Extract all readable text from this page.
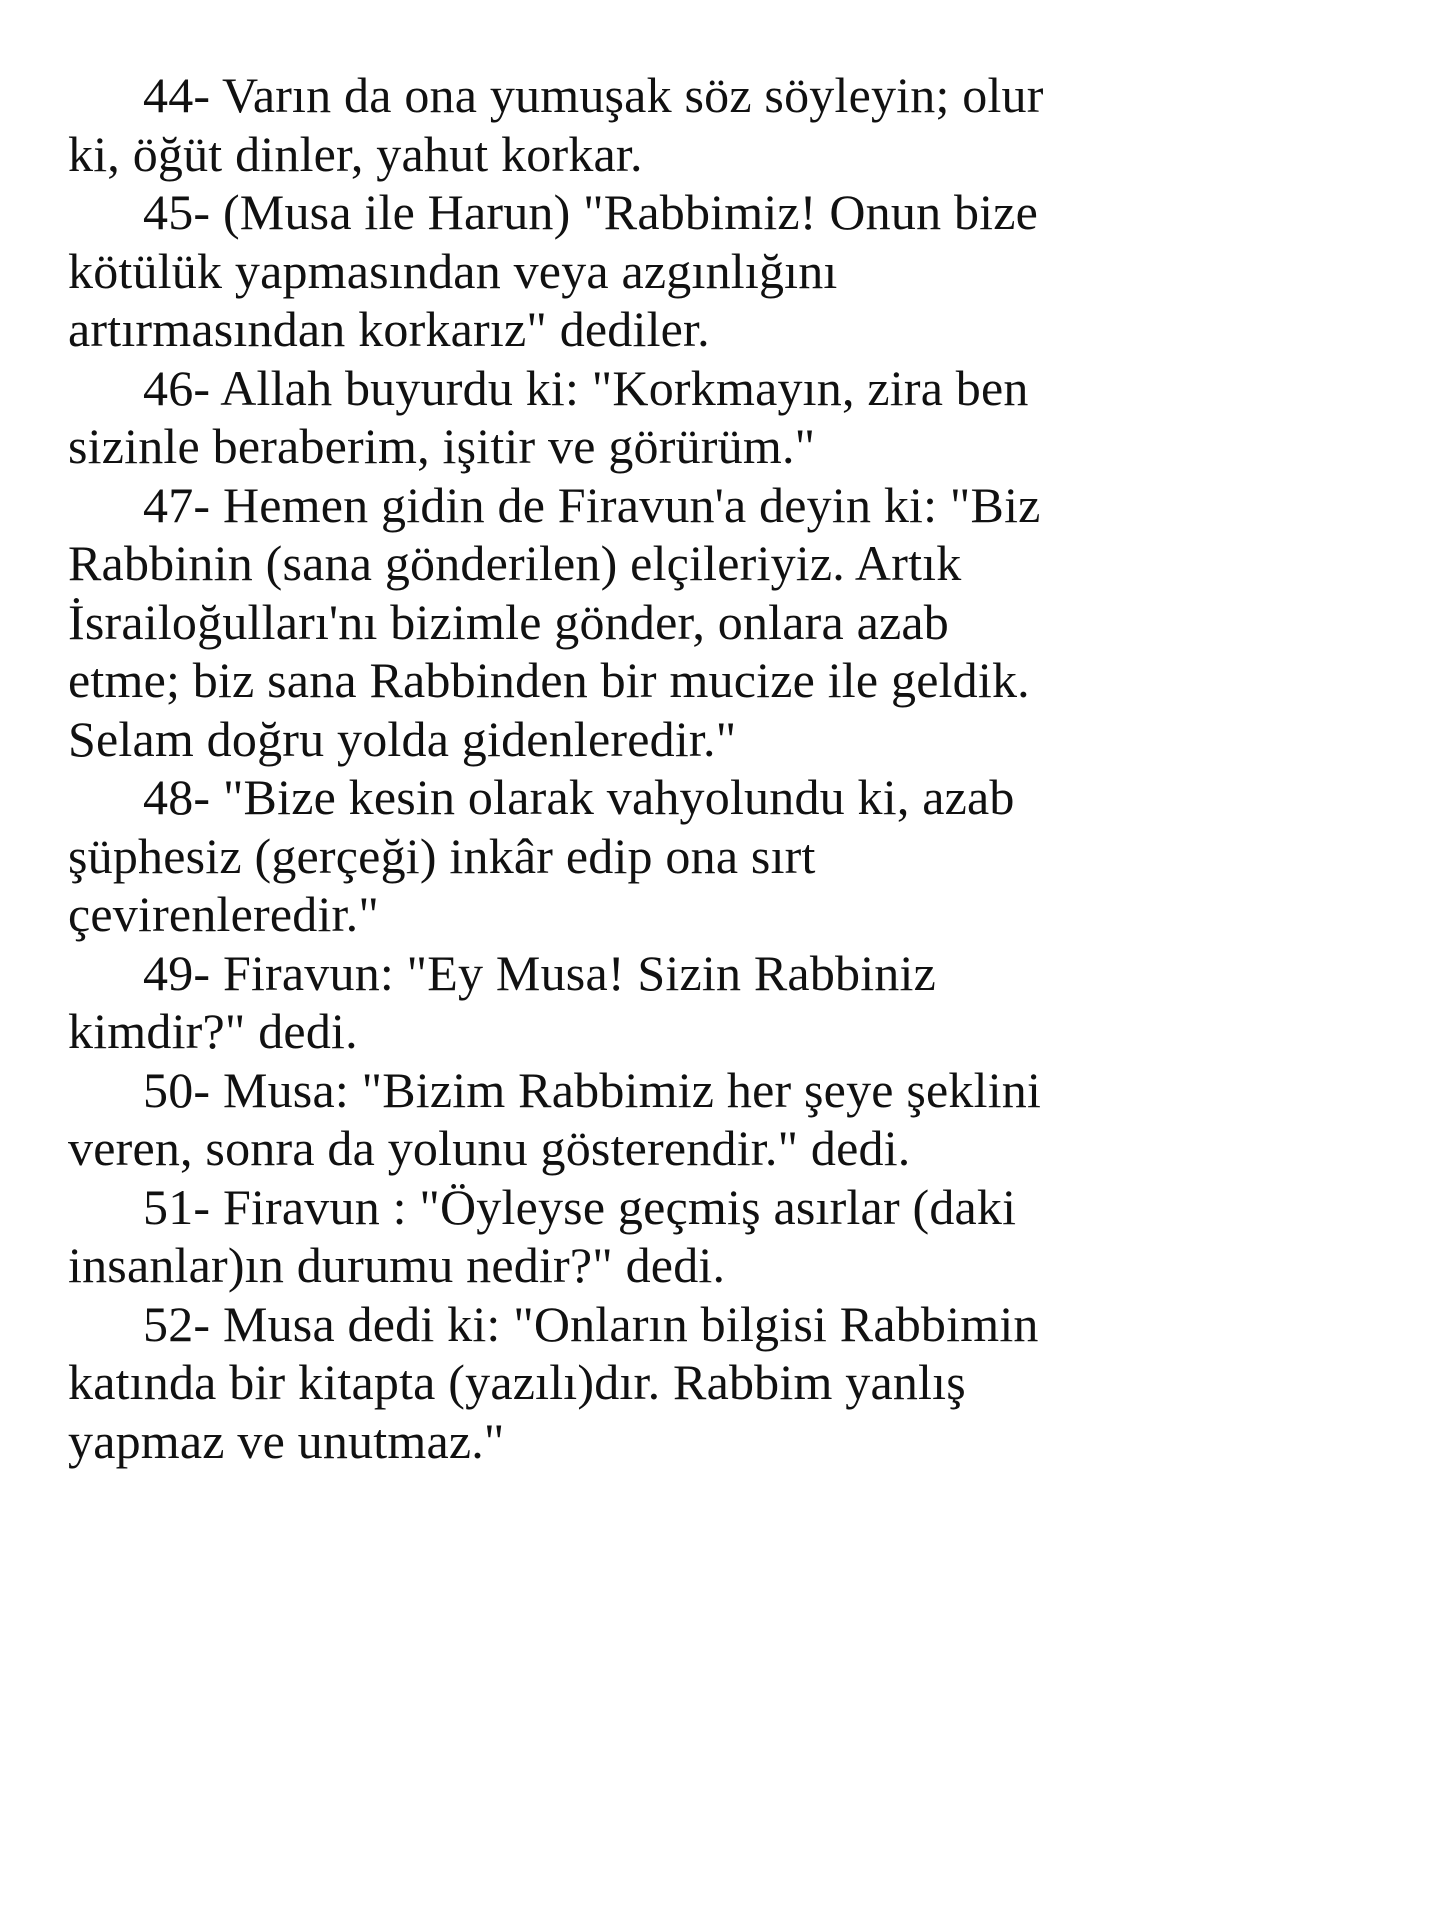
44- Varın da ona yumuşak söz söyleyin; olur
ki, öğüt dinler, yahut korkar.

45- (Musa ile Harun) "Rabbimiz! Onun bize
kötülük yapmasından veya azgınlığını
artırmasından korkarız" dediler.

46- Allah buyurdu ki: "Korkmayın, zira ben
sizinle beraberim, işitir ve görürüm."

47- Hemen gidin de Firavun'a deyin ki: "Biz
Rabbinin (sana gönderilen) elçileriyiz. Artık
İsrailoğulları'nı bizimle gönder, onlara azab
etme; biz sana Rabbinden bir mucize ile geldik.
Selam doğru yolda gidenleredir."

48- "Bize kesin olarak vahyolundu ki, azab
şüphesiz (gerçeği) inkâr edip ona sırt
çevirenleredir."

49- Firavun: "Ey Musa! Sizin Rabbiniz
kimdir?" dedi.

50- Musa: "Bizim Rabbimiz her şeye şeklini
veren, sonra da yolunu gösterendir." dedi.

51- Firavun : "Öyleyse geçmiş asırlar (daki
insanlar)ın durumu nedir?" dedi.

52- Musa dedi ki: "Onların bilgisi Rabbimin
katında bir kitapta (yazılı)dır. Rabbim yanlış
yapmaz ve unutmaz."
